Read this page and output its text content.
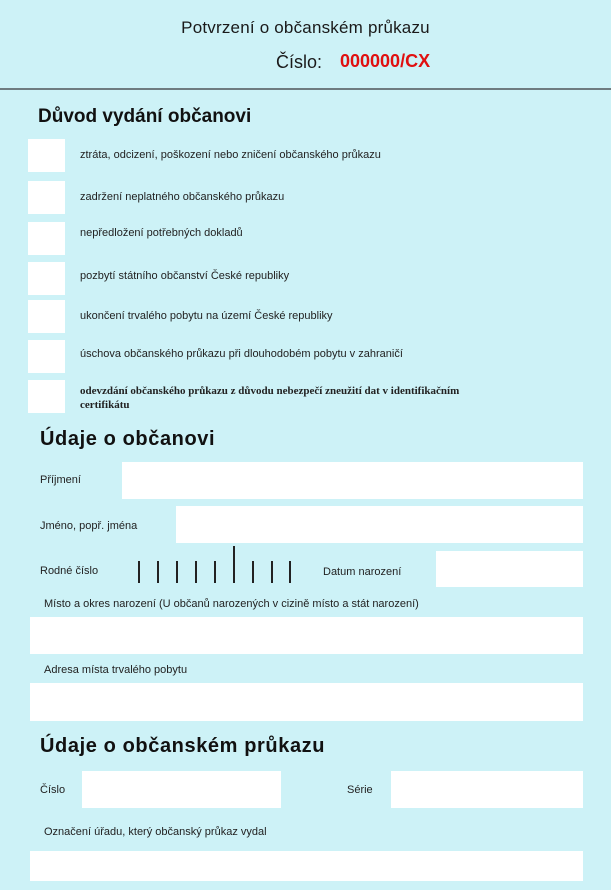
Potvrzení o občanském průkazu
Číslo: 000000/CX
Důvod vydání občanovi
ztráta, odcizení, poškození nebo zničení občanského průkazu
zadržení neplatného občanského průkazu
nepředložení potřebných dokladů
pozbytí státního občanství České republiky
ukončení trvalého pobytu na území České republiky
úschova občanského průkazu při dlouhodobém pobytu v zahraničí
odevzdání občanského průkazu z důvodu nebezpečí zneužití dat v identifikačním certifikátu
Údaje o občanovi
Příjmení
Jméno, popř. jména
Rodné číslo	Datum narození
Místo a okres narození (U občanů narozených v cizině místo a stát narození)
Adresa místa trvalého pobytu
Údaje o občanském průkazu
Číslo	Série
Označení úřadu, který občanský průkaz vydal
